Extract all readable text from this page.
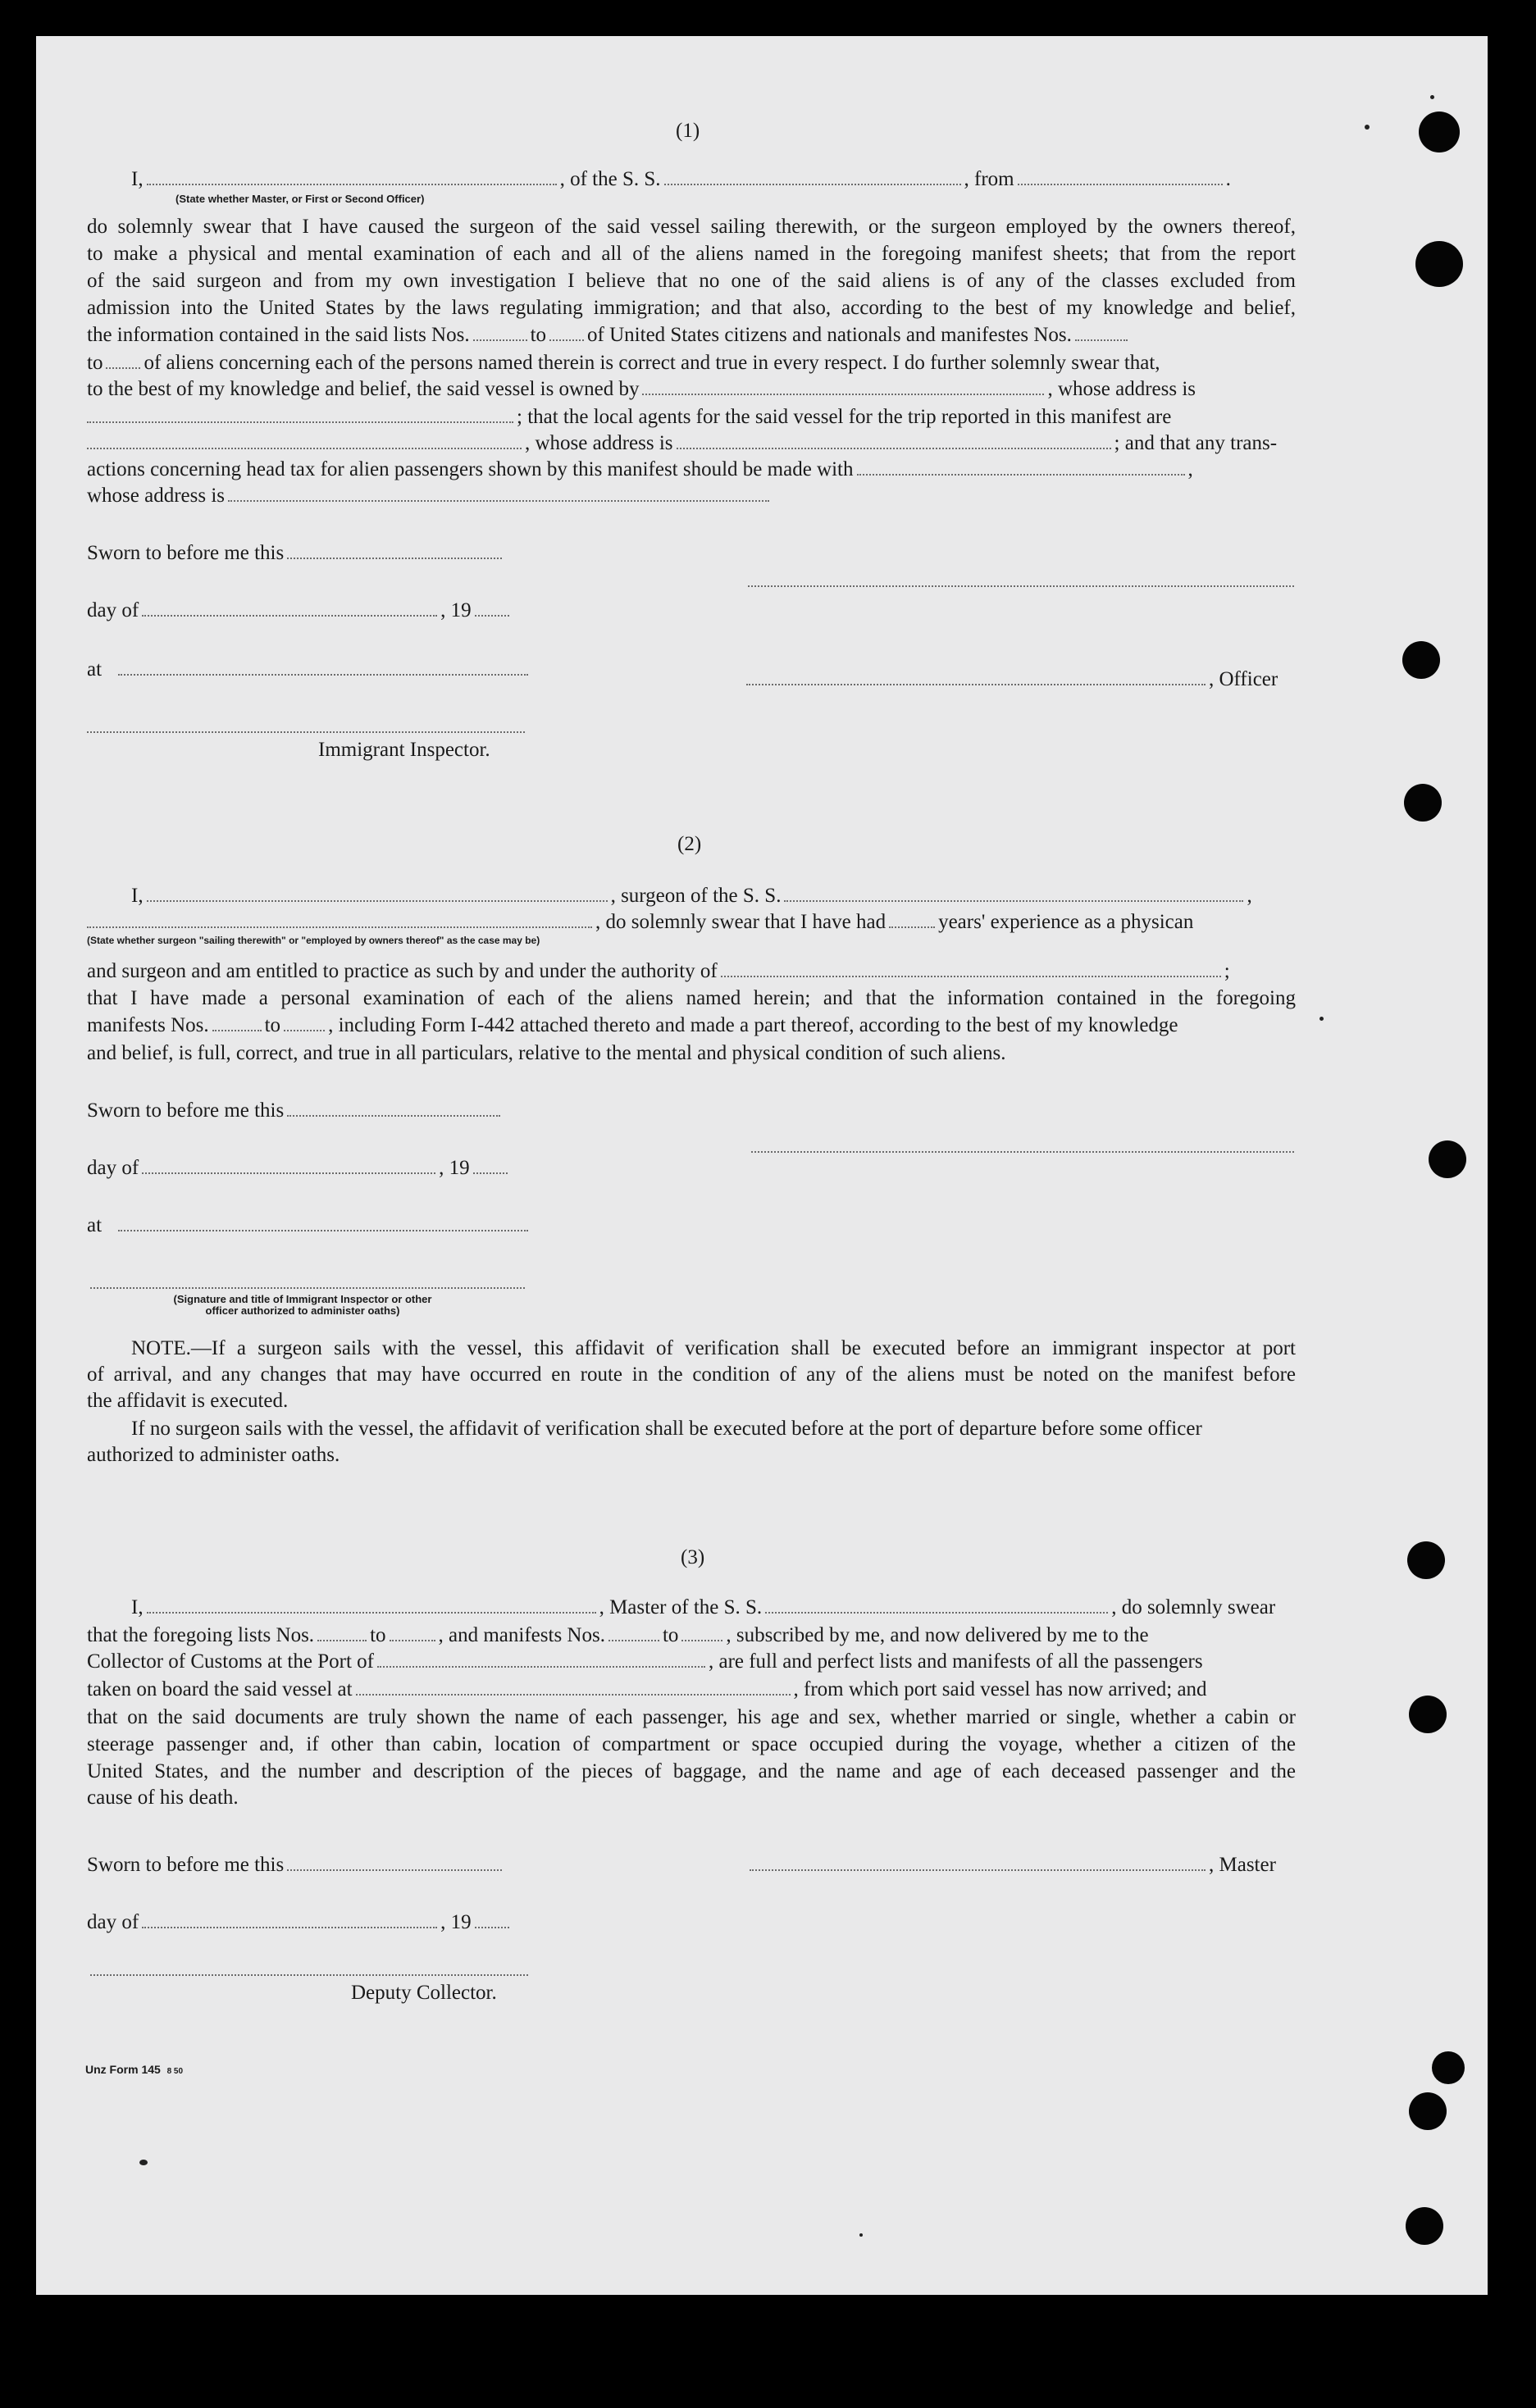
(1)
I,	, of the S. S.	, from	.
(State whether Master, or First or Second Officer)
do solemnly swear that I have caused the surgeon of the said vessel sailing therewith, or the surgeon employed by the owners thereof,
to make a physical and mental examination of each and all of the aliens named in the foregoing manifest sheets; that from the report
of the said surgeon and from my own investigation I believe that no one of the said aliens is of any of the classes excluded from
admission into the United States by the laws regulating immigration; and that also, according to the best of my knowledge and belief,
the information contained in the said lists Nos.	to of United States citizens and nationals and manifestes Nos.
to of aliens concerning each of the persons named therein is correct and true in every respect. I do further solemnly swear that,
to the best of my knowledge and belief, the said vessel is owned by	, whose address is
; that the local agents for the said vessel for the trip reported in this manifest are
, whose address is	; and that any trans-
actions concerning head tax for alien passengers shown by this manifest should be made with	,
whose address is
Sworn to before me this
day of	, 19
at	, Officer
Immigrant Inspector.
(2)
I,	, surgeon of the S. S.	,
, do solemnly swear that I have had	years' experience as a physican
(State whether surgeon "sailing therewith" or "employed by owners thereof" as the case may be)
and surgeon and am entitled to practice as such by and under the authority of	;
that I have made a personal examination of each of the aliens named herein; and that the information contained in the foregoing
manifests Nos.	to , including Form I-442 attached thereto and made a part thereof, according to the best of my knowledge
and belief, is full, correct, and true in all particulars, relative to the mental and physical condition of such aliens.
Sworn to before me this
day of	, 19
at
(Signature and title of Immigrant Inspector or other
officer authorized to administer oaths)
NOTE.—If a surgeon sails with the vessel, this affidavit of verification shall be executed before an immigrant inspector at port
of arrival, and any changes that may have occurred en route in the condition of any of the aliens must be noted on the manifest before
the affidavit is executed.
If no surgeon sails with the vessel, the affidavit of verification shall be executed before at the port of departure before some officer
authorized to administer oaths.
(3)
I,	, Master of the S. S.	, do solemnly swear
that the foregoing lists Nos.	to	, and manifests Nos.	to , subscribed by me, and now delivered by me to the
Collector of Customs at the Port of	, are full and perfect lists and manifests of all the passengers
taken on board the said vessel at	, from which port said vessel has now arrived; and
that on the said documents are truly shown the name of each passenger, his age and sex, whether married or single, whether a cabin or
steerage passenger and, if other than cabin, location of compartment or space occupied during the voyage, whether a citizen of the
United States, and the number and description of the pieces of baggage, and the name and age of each deceased passenger and the
cause of his death.
Sworn to before me this	, Master
day of	, 19
Deputy Collector.
Unz Form 145 8 50
